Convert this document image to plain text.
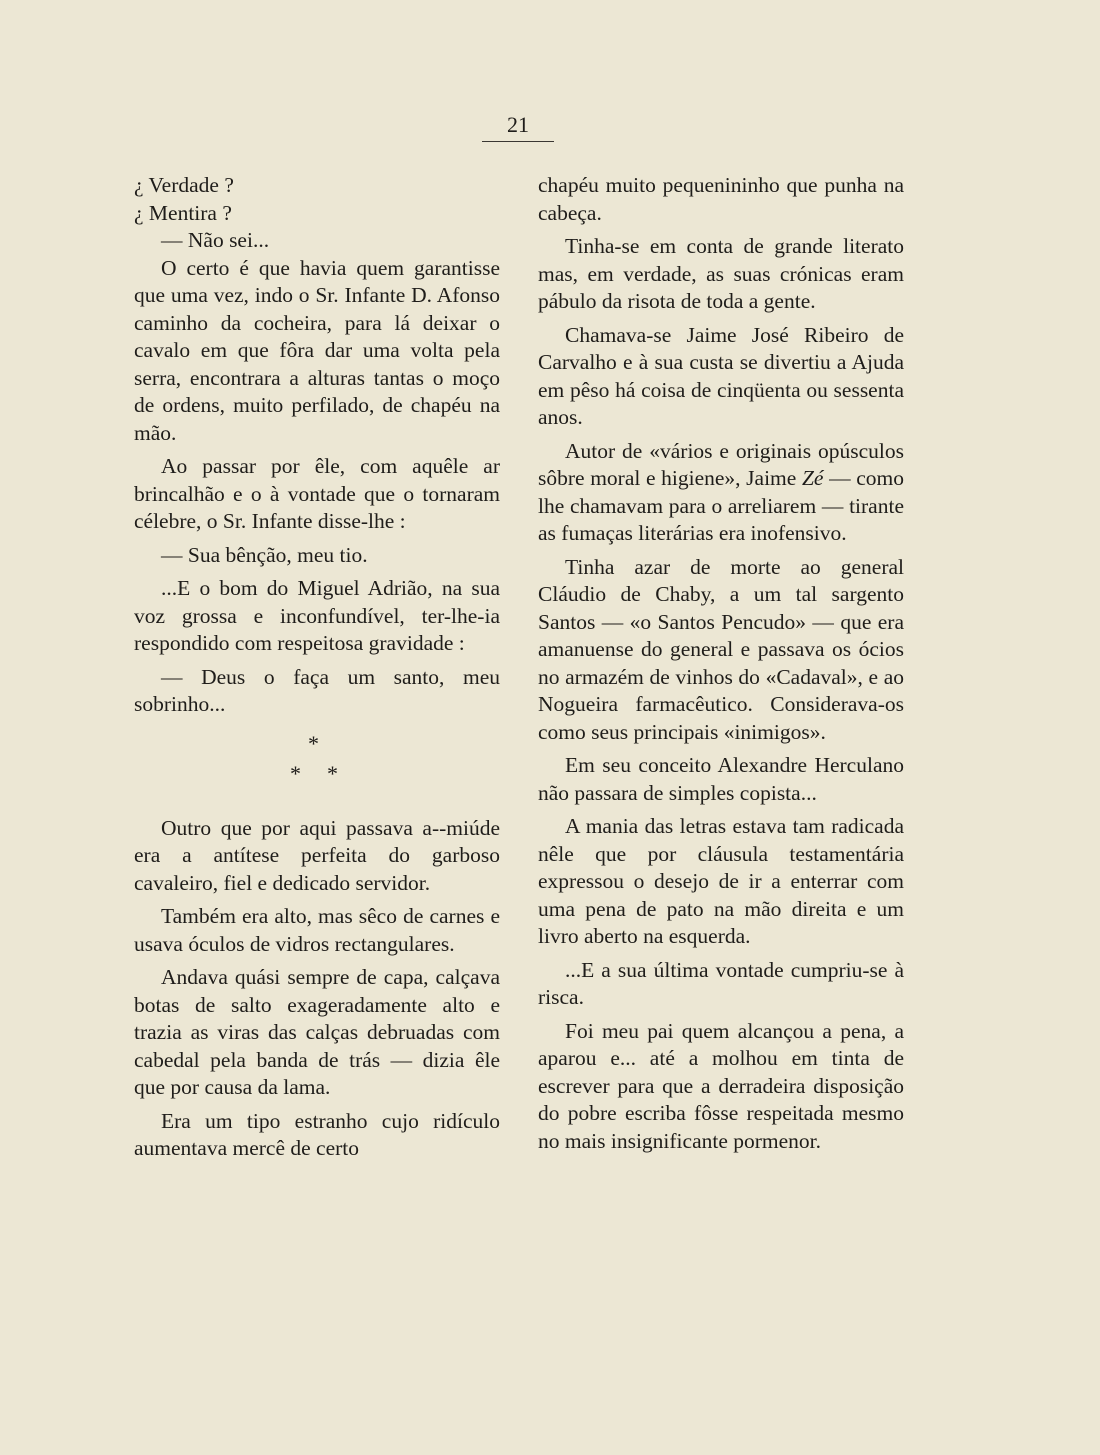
21

¿ Verdade ?

¿ Mentira ?

— Não sei...

O certo é que havia quem garantisse que uma vez, indo o Sr. Infante D. Afonso caminho da cocheira, para lá deixar o cavalo em que fôra dar uma volta pela serra, encontrara a alturas tantas o moço de ordens, muito perfilado, de chapéu na mão.

Ao passar por êle, com aquêle ar brincalhão e o à vontade que o tornaram célebre, o Sr. Infante disse-lhe :

— Sua bênção, meu tio.

...E o bom do Miguel Adrião, na sua voz grossa e inconfundível, ter-lhe-ia respondido com respeitosa gravidade :

— Deus o faça um santo, meu sobrinho...

*
* *

Outro que por aqui passava a--miúde era a antítese perfeita do garboso cavaleiro, fiel e dedicado servidor.

Também era alto, mas sêco de carnes e usava óculos de vidros rectangulares.

Andava quási sempre de capa, calçava botas de salto exageradamente alto e trazia as viras das calças debruadas com cabedal pela banda de trás — dizia êle que por causa da lama.

Era um tipo estranho cujo ridículo aumentava mercê de certo

chapéu muito pequenininho que punha na cabeça.

Tinha-se em conta de grande literato mas, em verdade, as suas crónicas eram pábulo da risota de toda a gente.

Chamava-se Jaime José Ribeiro de Carvalho e à sua custa se divertiu a Ajuda em pêso há coisa de cinqüenta ou sessenta anos.

Autor de «vários e originais opúsculos sôbre moral e higiene», Jaime Zé — como lhe chamavam para o arreliarem — tirante as fumaças literárias era inofensivo.

Tinha azar de morte ao general Cláudio de Chaby, a um tal sargento Santos — «o Santos Pencudo» — que era amanuense do general e passava os ócios no armazém de vinhos do «Cadaval», e ao Nogueira farmacêutico. Considerava-os como seus principais «inimigos».

Em seu conceito Alexandre Herculano não passara de simples copista...

A mania das letras estava tam radicada nêle que por cláusula testamentária expressou o desejo de ir a enterrar com uma pena de pato na mão direita e um livro aberto na esquerda.

...E a sua última vontade cumpriu-se à risca.

Foi meu pai quem alcançou a pena, a aparou e... até a molhou em tinta de escrever para que a derradeira disposição do pobre escriba fôsse respeitada mesmo no mais insignificante pormenor.
